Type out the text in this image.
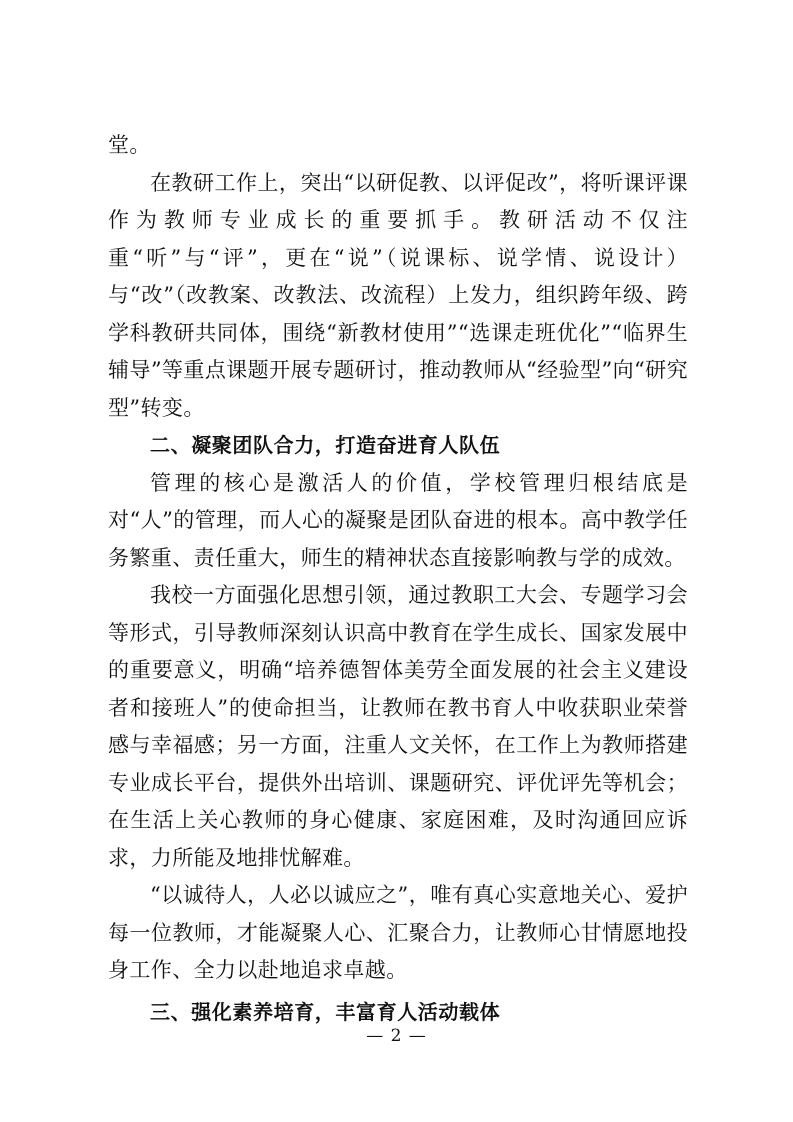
堂。

在教研工作上，突出“以研促教、以评促改”，将听课评课作为教师专业成长的重要抓手。教研活动不仅注重“听”与“评”，更在“说”（说课标、说学情、说设计）与“改”（改教案、改教法、改流程）上发力，组织跨年级、跨学科教研共同体，围绕“新教材使用”“选课走班优化”“临界生辅导”等重点课题开展专题研讨，推动教师从“经验型”向“研究型”转变。

二、凝聚团队合力，打造奋进育人队伍

管理的核心是激活人的价值，学校管理归根结底是对“人”的管理，而人心的凝聚是团队奋进的根本。高中教学任务繁重、责任重大，师生的精神状态直接影响教与学的成效。

我校一方面强化思想引领，通过教职工大会、专题学习会等形式，引导教师深刻认识高中教育在学生成长、国家发展中的重要意义，明确“培养德智体美劳全面发展的社会主义建设者和接班人”的使命担当，让教师在教书育人中收获职业荣誉感与幸福感；另一方面，注重人文关怀，在工作上为教师搭建专业成长平台，提供外出培训、课题研究、评优评先等机会；在生活上关心教师的身心健康、家庭困难，及时沟通回应诉求，力所能及地排忧解难。

“以诚待人，人必以诚应之”，唯有真心实意地关心、爱护每一位教师，才能凝聚人心、汇聚合力，让教师心甘情愿地投身工作、全力以赴地追求卓越。

三、强化素养培育，丰富育人活动载体

— 2 —
